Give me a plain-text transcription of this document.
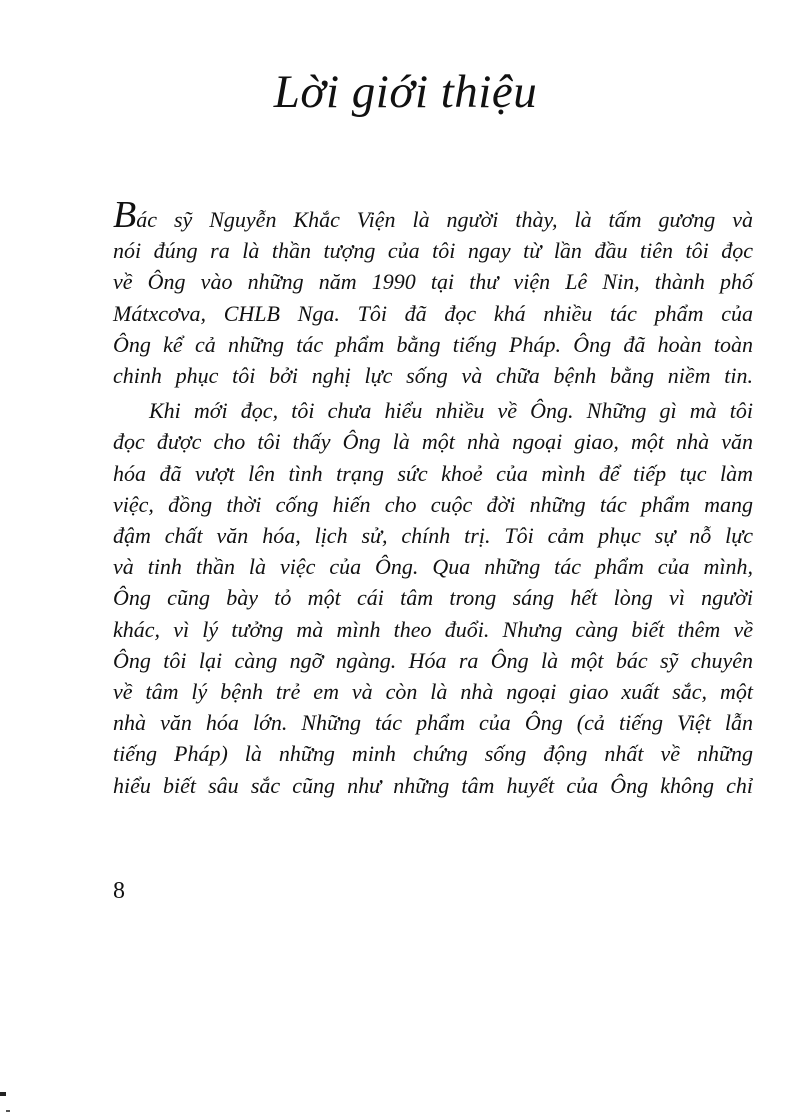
Lời giới thiệu

Bác sỹ Nguyễn Khắc Viện là người thày, là tấm gương và
nói đúng ra là thần tượng của tôi ngay từ lần đầu tiên tôi đọc
về Ông vào những năm 1990 tại thư viện Lê Nin, thành phố
Mátxcơva, CHLB Nga. Tôi đã đọc khá nhiều tác phẩm của
Ông kể cả những tác phẩm bằng tiếng Pháp. Ông đã hoàn toàn
chinh phục tôi bởi nghị lực sống và chữa bệnh bằng niềm tin.

Khi mới đọc, tôi chưa hiểu nhiều về Ông. Những gì mà tôi
đọc được cho tôi thấy Ông là một nhà ngoại giao, một nhà văn
hóa đã vượt lên tình trạng sức khoẻ của mình để tiếp tục làm
việc, đồng thời cống hiến cho cuộc đời những tác phẩm mang
đậm chất văn hóa, lịch sử, chính trị. Tôi cảm phục sự nỗ lực
và tinh thần là việc của Ông. Qua những tác phẩm của mình,
Ông cũng bày tỏ một cái tâm trong sáng hết lòng vì người
khác, vì lý tưởng mà mình theo đuổi. Nhưng càng biết thêm về
Ông tôi lại càng ngỡ ngàng. Hóa ra Ông là một bác sỹ chuyên
về tâm lý bệnh trẻ em và còn là nhà ngoại giao xuất sắc, một
nhà văn hóa lớn. Những tác phẩm của Ông (cả tiếng Việt lẫn
tiếng Pháp) là những minh chứng sống động nhất về những
hiểu biết sâu sắc cũng như những tâm huyết của Ông không chỉ

8
